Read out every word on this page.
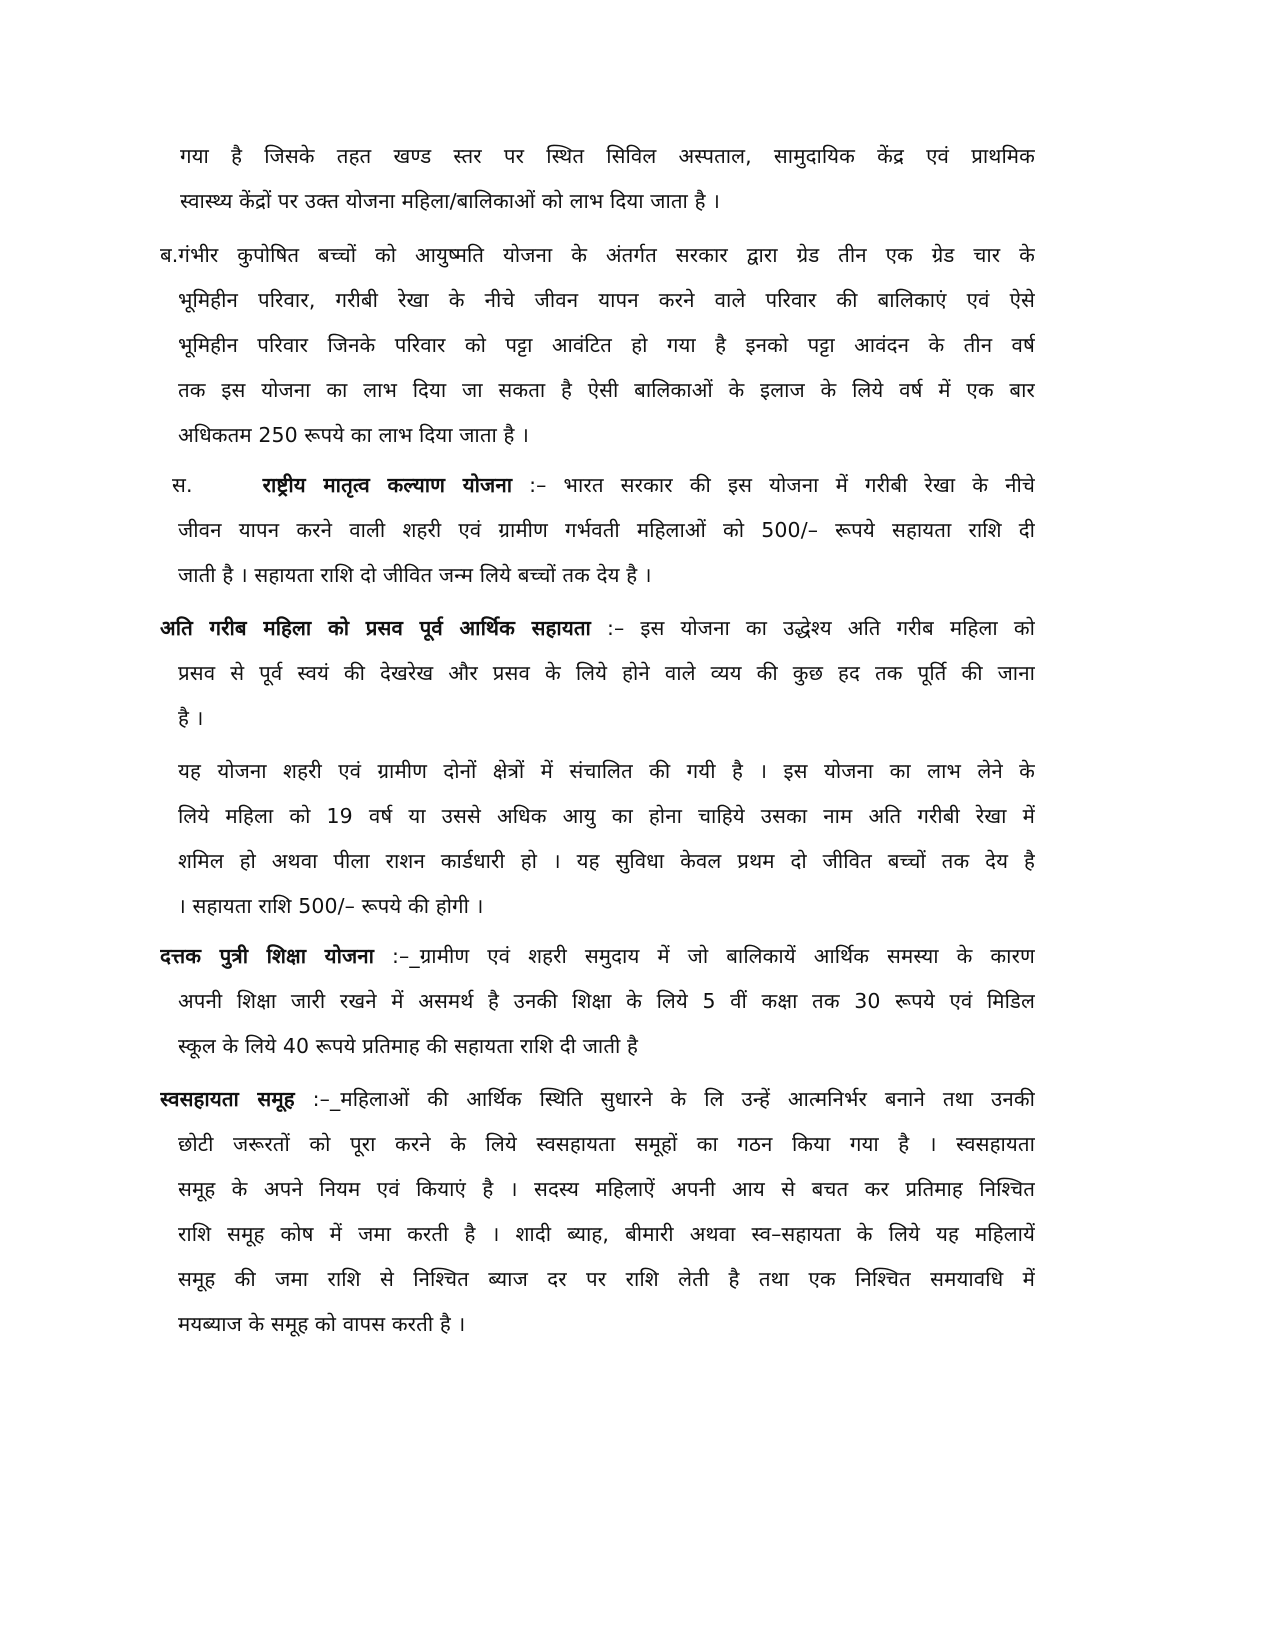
गया है जिसके तहत खण्ड स्तर पर स्थित सिविल अस्पताल, सामुदायिक केंद्र एवं प्राथमिक
स्वास्थ्य केंद्रों पर उक्त योजना महिला/बालिकाओं को लाभ दिया जाता है ।
ब.गंभीर कुपोषित बच्चों को आयुष्मति योजना के अंतर्गत सरकार द्वारा ग्रेड तीन एक ग्रेड चार के
भूमिहीन परिवार, गरीबी रेखा के नीचे जीवन यापन करने वाले परिवार की बालिकाएं एवं ऐसे
भूमिहीन परिवार जिनके परिवार को पट्टा आवंटित हो गया है इनको पट्टा आवंदन के तीन वर्ष
तक इस योजना का लाभ दिया जा सकता है ऐसी बालिकाओं के इलाज के लिये वर्ष में एक बार
अधिकतम 250 रूपये का लाभ दिया जाता है ।
स.	राष्ट्रीय मातृत्व कल्याण योजना :– भारत सरकार की इस योजना में गरीबी रेखा के नीचे
जीवन यापन करने वाली शहरी एवं ग्रामीण गर्भवती महिलाओं को 500/– रूपये सहायता राशि दी
जाती है । सहायता राशि दो जीवित जन्म लिये बच्चों तक देय है ।
अति गरीब महिला को प्रसव पूर्व आर्थिक सहायता :– इस योजना का उद्धेश्य अति गरीब महिला को
प्रसव से पूर्व स्वयं की देखरेख और प्रसव के लिये होने वाले व्यय की कुछ हद तक पूर्ति की जाना
है ।
यह योजना शहरी एवं ग्रामीण दोनों क्षेत्रों में संचालित की गयी है । इस योजना का लाभ लेने के
लिये महिला को 19 वर्ष या उससे अधिक आयु का होना चाहिये उसका नाम अति गरीबी रेखा में
शमिल हो अथवा पीला राशन कार्डधारी हो । यह सुविधा केवल प्रथम दो जीवित बच्चों तक देय है
। सहायता राशि 500/– रूपये की होगी ।
दत्तक पुत्री शिक्षा योजना :–_ग्रामीण एवं शहरी समुदाय में जो बालिकायें आर्थिक समस्या के कारण
अपनी शिक्षा जारी रखने में असमर्थ है उनकी शिक्षा के लिये 5 वीं कक्षा तक 30 रूपये एवं मिडिल
स्कूल के लिये 40 रूपये प्रतिमाह की सहायता राशि दी जाती है
स्वसहायता समूह :–_महिलाओं की आर्थिक स्थिति सुधारने के लि उन्हें आत्मनिर्भर बनाने तथा उनकी
छोटी जरूरतों को पूरा करने के लिये स्वसहायता समूहों का गठन किया गया है । स्वसहायता
समूह के अपने नियम एवं कियाएं है । सदस्य महिलाऐं अपनी आय से बचत कर प्रतिमाह निश्चित
राशि समूह कोष में जमा करती है । शादी ब्याह, बीमारी अथवा स्व–सहायता के लिये यह महिलायें
समूह की जमा राशि से निश्चित ब्याज दर पर राशि लेती है तथा एक निश्चित समयावधि में
मयब्याज के समूह को वापस करती है ।
